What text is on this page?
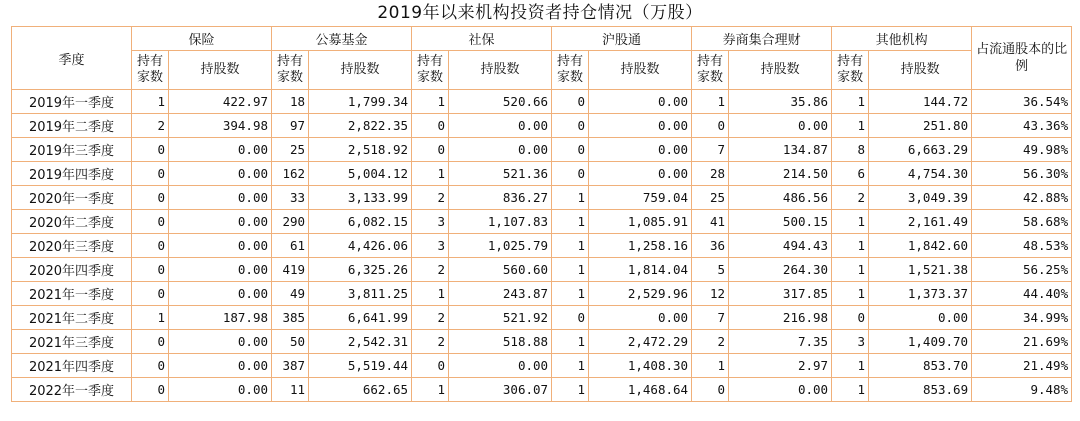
2019年以来机构投资者持仓情况（万股）
季度	保险		公募基金		社保		沪股通		券商集合理财		其他机构		占流通股本的比例
	持有家数	持股数	持有家数	持股数	持有家数	持股数	持有家数	持股数	持有家数	持股数	持有家数	持股数	
2019年一季度	1	422.97	18	1,799.34	1	520.66	0	0.00	1	35.86	1	144.72	36.54%
2019年二季度	2	394.98	97	2,822.35	0	0.00	0	0.00	0	0.00	1	251.80	43.36%
2019年三季度	0	0.00	25	2,518.92	0	0.00	0	0.00	7	134.87	8	6,663.29	49.98%
2019年四季度	0	0.00	162	5,004.12	1	521.36	0	0.00	28	214.50	6	4,754.30	56.30%
2020年一季度	0	0.00	33	3,133.99	2	836.27	1	759.04	25	486.56	2	3,049.39	42.88%
2020年二季度	0	0.00	290	6,082.15	3	1,107.83	1	1,085.91	41	500.15	1	2,161.49	58.68%
2020年三季度	0	0.00	61	4,426.06	3	1,025.79	1	1,258.16	36	494.43	1	1,842.60	48.53%
2020年四季度	0	0.00	419	6,325.26	2	560.60	1	1,814.04	5	264.30	1	1,521.38	56.25%
2021年一季度	0	0.00	49	3,811.25	1	243.87	1	2,529.96	12	317.85	1	1,373.37	44.40%
2021年二季度	1	187.98	385	6,641.99	2	521.92	0	0.00	7	216.98	0	0.00	34.99%
2021年三季度	0	0.00	50	2,542.31	2	518.88	1	2,472.29	2	7.35	3	1,409.70	21.69%
2021年四季度	0	0.00	387	5,519.44	0	0.00	1	1,408.30	1	2.97	1	853.70	21.49%
2022年一季度	0	0.00	11	662.65	1	306.07	1	1,468.64	0	0.00	1	853.69	9.48%
